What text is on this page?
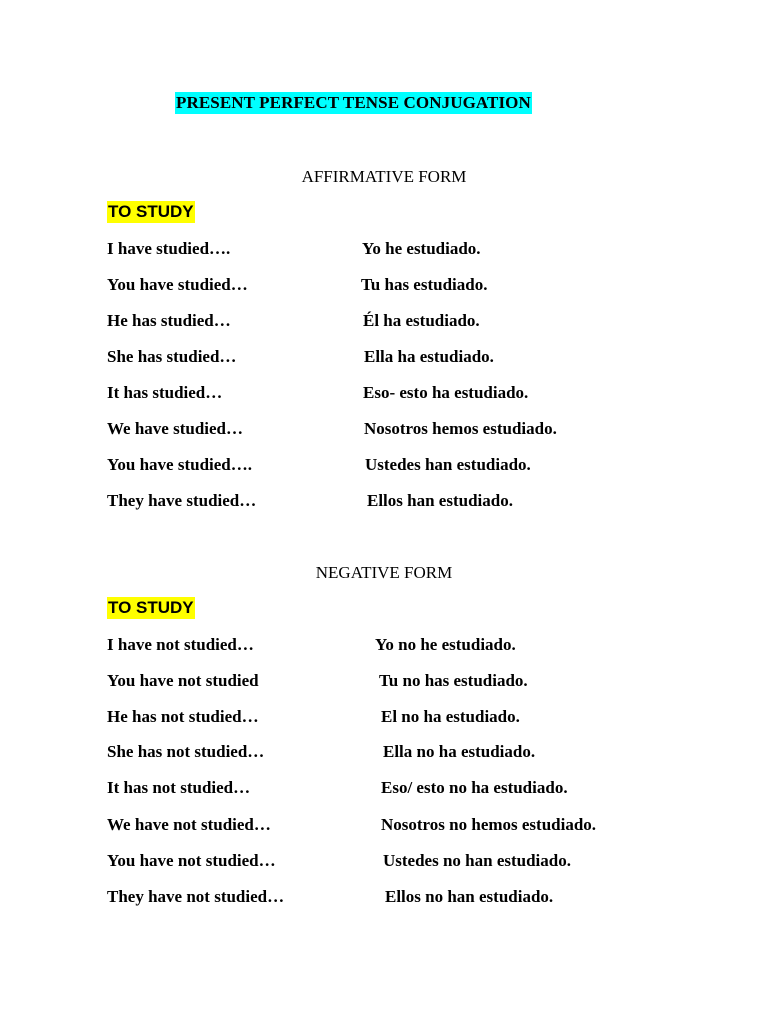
PRESENT PERFECT TENSE CONJUGATION
AFFIRMATIVE FORM
TO STUDY
I have studied….	Yo he estudiado.
You have studied…	Tu has estudiado.
He has studied…	Él ha estudiado.
She has studied…	Ella ha estudiado.
It has studied…	Eso- esto ha estudiado.
We have studied…	Nosotros hemos estudiado.
You have studied….	Ustedes han estudiado.
They have studied…	Ellos han estudiado.
NEGATIVE FORM
TO STUDY
I have not studied…	Yo no he estudiado.
You have not studied	Tu no has estudiado.
He has not studied…	El no ha estudiado.
She has not studied…	Ella no ha estudiado.
It has not studied…	Eso/ esto no ha estudiado.
We have not studied…	Nosotros no hemos estudiado.
You have not studied…	Ustedes no han estudiado.
They have not studied…	Ellos no han estudiado.
